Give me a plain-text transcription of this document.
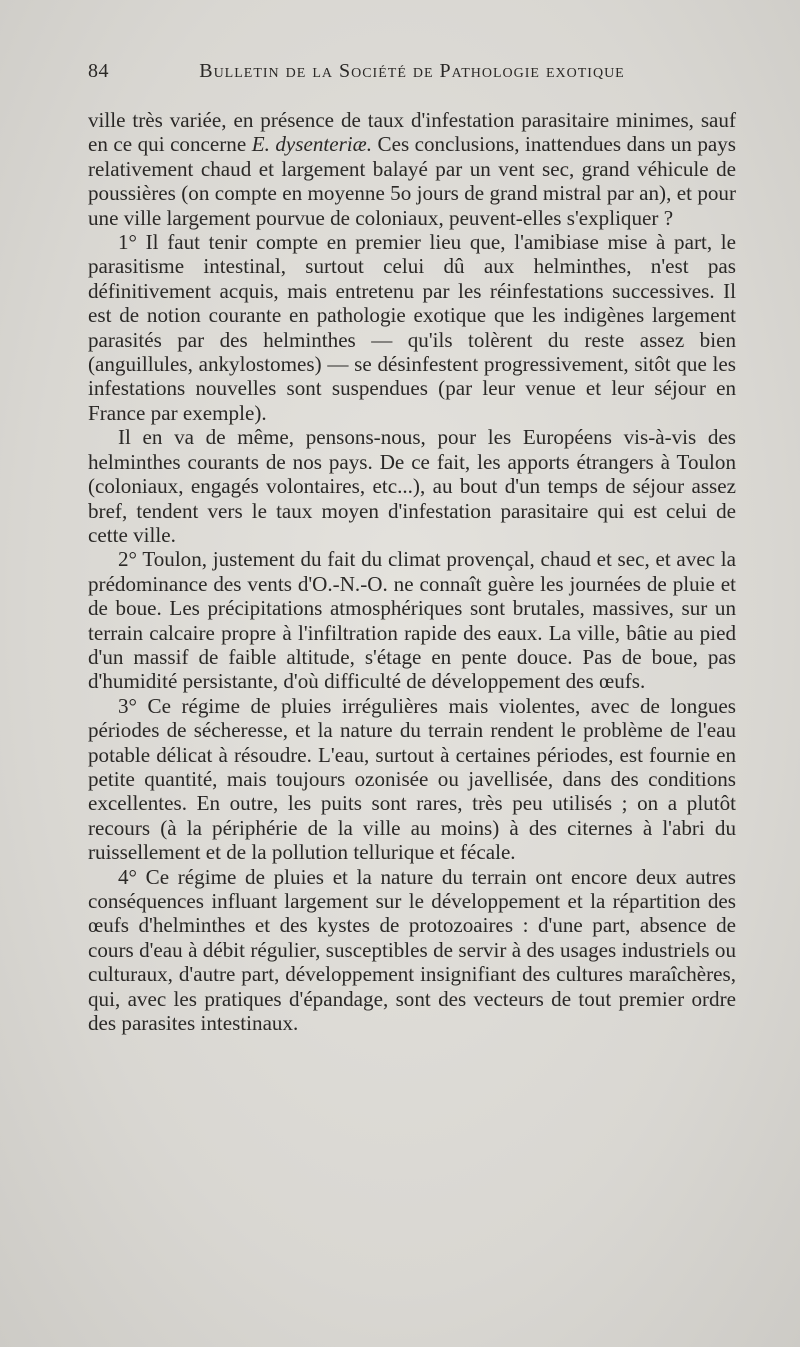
84	Bulletin de la Société de Pathologie exotique

ville très variée, en présence de taux d'infestation parasitaire minimes, sauf en ce qui concerne E. dysenteriæ. Ces conclusions, inattendues dans un pays relativement chaud et largement balayé par un vent sec, grand véhicule de poussières (on compte en moyenne 5o jours de grand mistral par an), et pour une ville largement pourvue de coloniaux, peuvent-elles s'expliquer ?

1° Il faut tenir compte en premier lieu que, l'amibiase mise à part, le parasitisme intestinal, surtout celui dû aux helminthes, n'est pas définitivement acquis, mais entretenu par les réinfestations successives. Il est de notion courante en pathologie exotique que les indigènes largement parasités par des helminthes — qu'ils tolèrent du reste assez bien (anguillules, ankylostomes) — se désinfestent progressivement, sitôt que les infestations nouvelles sont suspendues (par leur venue et leur séjour en France par exemple).

Il en va de même, pensons-nous, pour les Européens vis-à-vis des helminthes courants de nos pays. De ce fait, les apports étrangers à Toulon (coloniaux, engagés volontaires, etc...), au bout d'un temps de séjour assez bref, tendent vers le taux moyen d'infestation parasitaire qui est celui de cette ville.

2° Toulon, justement du fait du climat provençal, chaud et sec, et avec la prédominance des vents d'O.-N.-O. ne connaît guère les journées de pluie et de boue. Les précipitations atmosphériques sont brutales, massives, sur un terrain calcaire propre à l'infiltration rapide des eaux. La ville, bâtie au pied d'un massif de faible altitude, s'étage en pente douce. Pas de boue, pas d'humidité persistante, d'où difficulté de développement des œufs.

3° Ce régime de pluies irrégulières mais violentes, avec de longues périodes de sécheresse, et la nature du terrain rendent le problème de l'eau potable délicat à résoudre. L'eau, surtout à certaines périodes, est fournie en petite quantité, mais toujours ozonisée ou javellisée, dans des conditions excellentes. En outre, les puits sont rares, très peu utilisés ; on a plutôt recours (à la périphérie de la ville au moins) à des citernes à l'abri du ruissellement et de la pollution tellurique et fécale.

4° Ce régime de pluies et la nature du terrain ont encore deux autres conséquences influant largement sur le développement et la répartition des œufs d'helminthes et des kystes de protozoaires : d'une part, absence de cours d'eau à débit régulier, susceptibles de servir à des usages industriels ou culturaux, d'autre part, développement insignifiant des cultures maraîchères, qui, avec les pratiques d'épandage, sont des vecteurs de tout premier ordre des parasites intestinaux.
